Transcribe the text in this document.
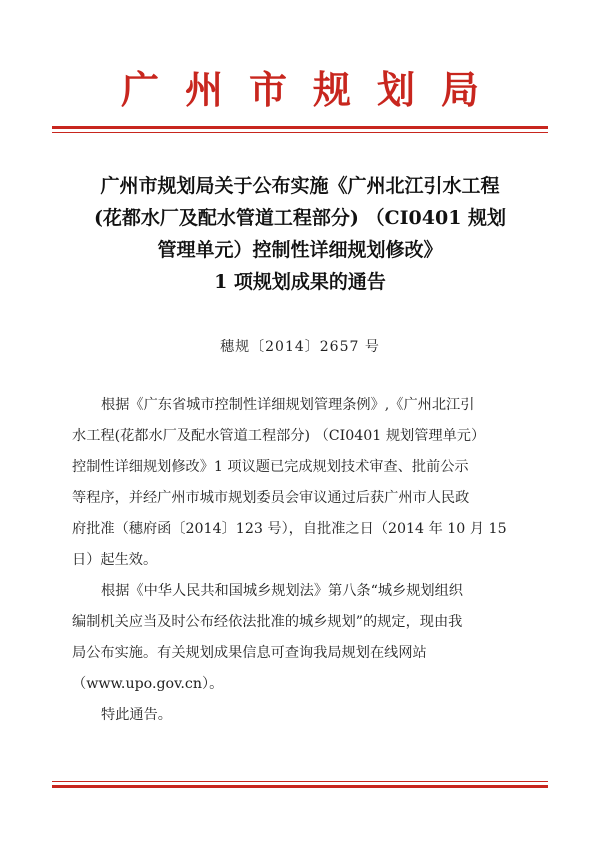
广州市规划局
广州市规划局关于公布实施《广州北江引水工程
(花都水厂及配水管道工程部分) （CI0401 规划
管理单元）控制性详细规划修改》
1 项规划成果的通告
穗规〔2014〕2657 号

根据《广东省城市控制性详细规划管理条例》,《广州北江引
水工程(花都水厂及配水管道工程部分) （CI0401 规划管理单元）
控制性详细规划修改》1 项议题已完成规划技术审查、批前公示
等程序，并经广州市城市规划委员会审议通过后获广州市人民政
府批准（穗府函〔2014〕123 号），自批准之日（2014 年 10 月 15
日）起生效。

根据《中华人民共和国城乡规划法》第八条“城乡规划组织
编制机关应当及时公布经依法批准的城乡规划”的规定，现由我
局公布实施。有关规划成果信息可查询我局规划在线网站
（www.upo.gov.cn）。

特此通告。
